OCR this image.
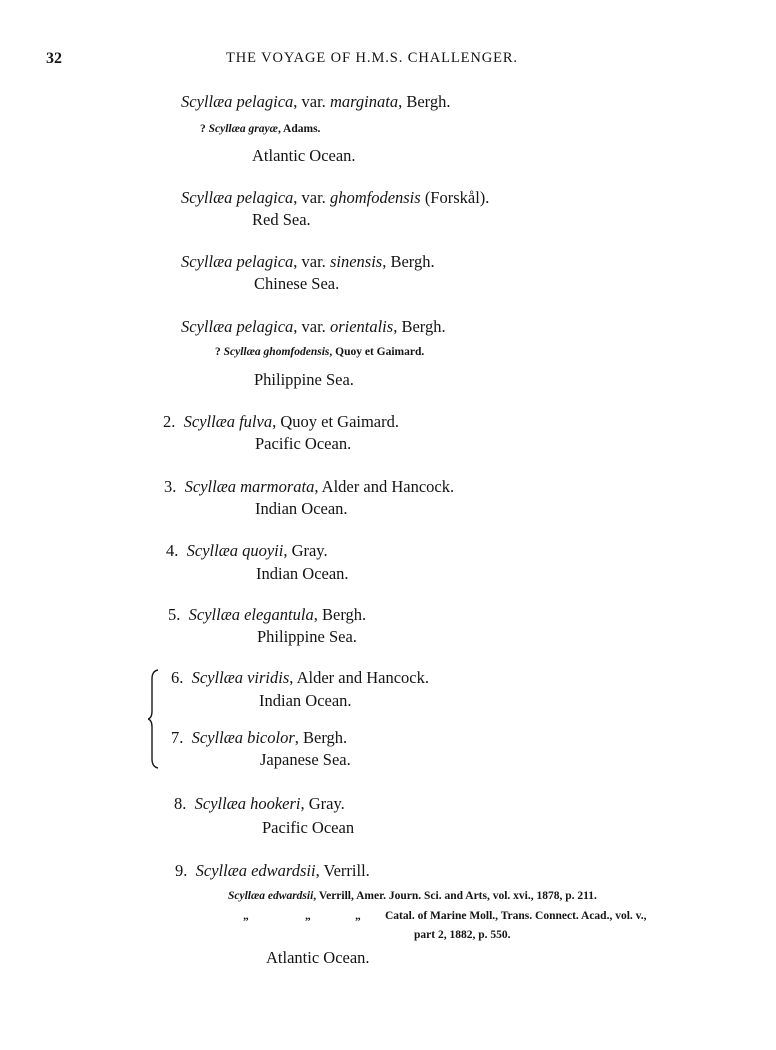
32	THE VOYAGE OF H.M.S. CHALLENGER.
Scyllæa pelagica, var. marginata, Bergh.
? Scyllæa grayæ, Adams.
Atlantic Ocean.
Scyllæa pelagica, var. ghomfodensis (Forskål).
Red Sea.
Scyllæa pelagica, var. sinensis, Bergh.
Chinese Sea.
Scyllæa pelagica, var. orientalis, Bergh.
? Scyllæa ghomfodensis, Quoy et Gaimard.
Philippine Sea.
2. Scyllæa fulva, Quoy et Gaimard.
Pacific Ocean.
3. Scyllæa marmorata, Alder and Hancock.
Indian Ocean.
4. Scyllæa quoyii, Gray.
Indian Ocean.
5. Scyllæa elegantula, Bergh.
Philippine Sea.
6. Scyllæa viridis, Alder and Hancock.
Indian Ocean.
7. Scyllæa bicolor, Bergh.
Japanese Sea.
8. Scyllæa hookeri, Gray.
Pacific Ocean
9. Scyllæa edwardsii, Verrill.
Scyllæa edwardsii, Verrill, Amer. Journ. Sci. and Arts, vol. xvi., 1878, p. 211.
„	„	„ Catal. of Marine Moll., Trans. Connect. Acad., vol. v.,
part 2, 1882, p. 550.
Atlantic Ocean.
